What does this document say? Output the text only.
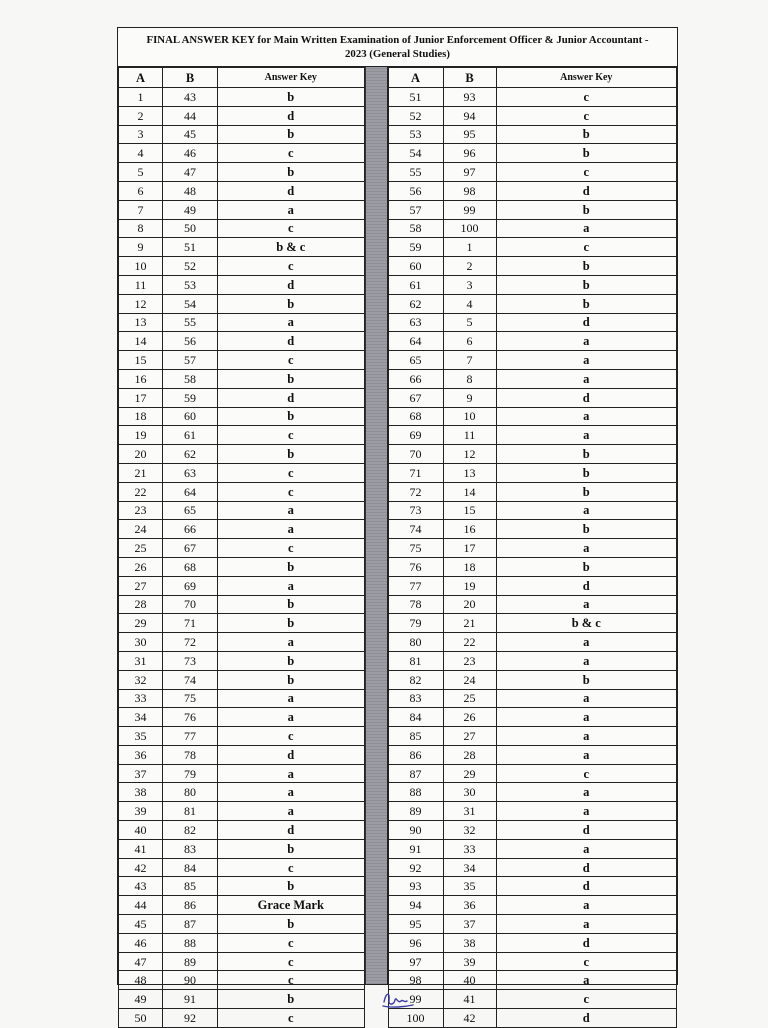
FINAL ANSWER KEY for Main Written Examination of Junior Enforcement Officer & Junior Accountant -
2023 (General Studies)
A	B	Answer Key
1	43	b
2	44	d
3	45	b
4	46	c
5	47	b
6	48	d
7	49	a
8	50	c
9	51	b & c
10	52	c
11	53	d
12	54	b
13	55	a
14	56	d
15	57	c
16	58	b
17	59	d
18	60	b
19	61	c
20	62	b
21	63	c
22	64	c
23	65	a
24	66	a
25	67	c
26	68	b
27	69	a
28	70	b
29	71	b
30	72	a
31	73	b
32	74	b
33	75	a
34	76	a
35	77	c
36	78	d
37	79	a
38	80	a
39	81	a
40	82	d
41	83	b
42	84	c
43	85	b
44	86	Grace Mark
45	87	b
46	88	c
47	89	c
48	90	c
49	91	b
50	92	c
A	B	Answer Key
51	93	c
52	94	c
53	95	b
54	96	b
55	97	c
56	98	d
57	99	b
58	100	a
59	1	c
60	2	b
61	3	b
62	4	b
63	5	d
64	6	a
65	7	a
66	8	a
67	9	d
68	10	a
69	11	a
70	12	b
71	13	b
72	14	b
73	15	a
74	16	b
75	17	a
76	18	b
77	19	d
78	20	a
79	21	b & c
80	22	a
81	23	a
82	24	b
83	25	a
84	26	a
85	27	a
86	28	a
87	29	c
88	30	a
89	31	a
90	32	d
91	33	a
92	34	d
93	35	d
94	36	a
95	37	a
96	38	d
97	39	c
98	40	a
99	41	c
100	42	d
